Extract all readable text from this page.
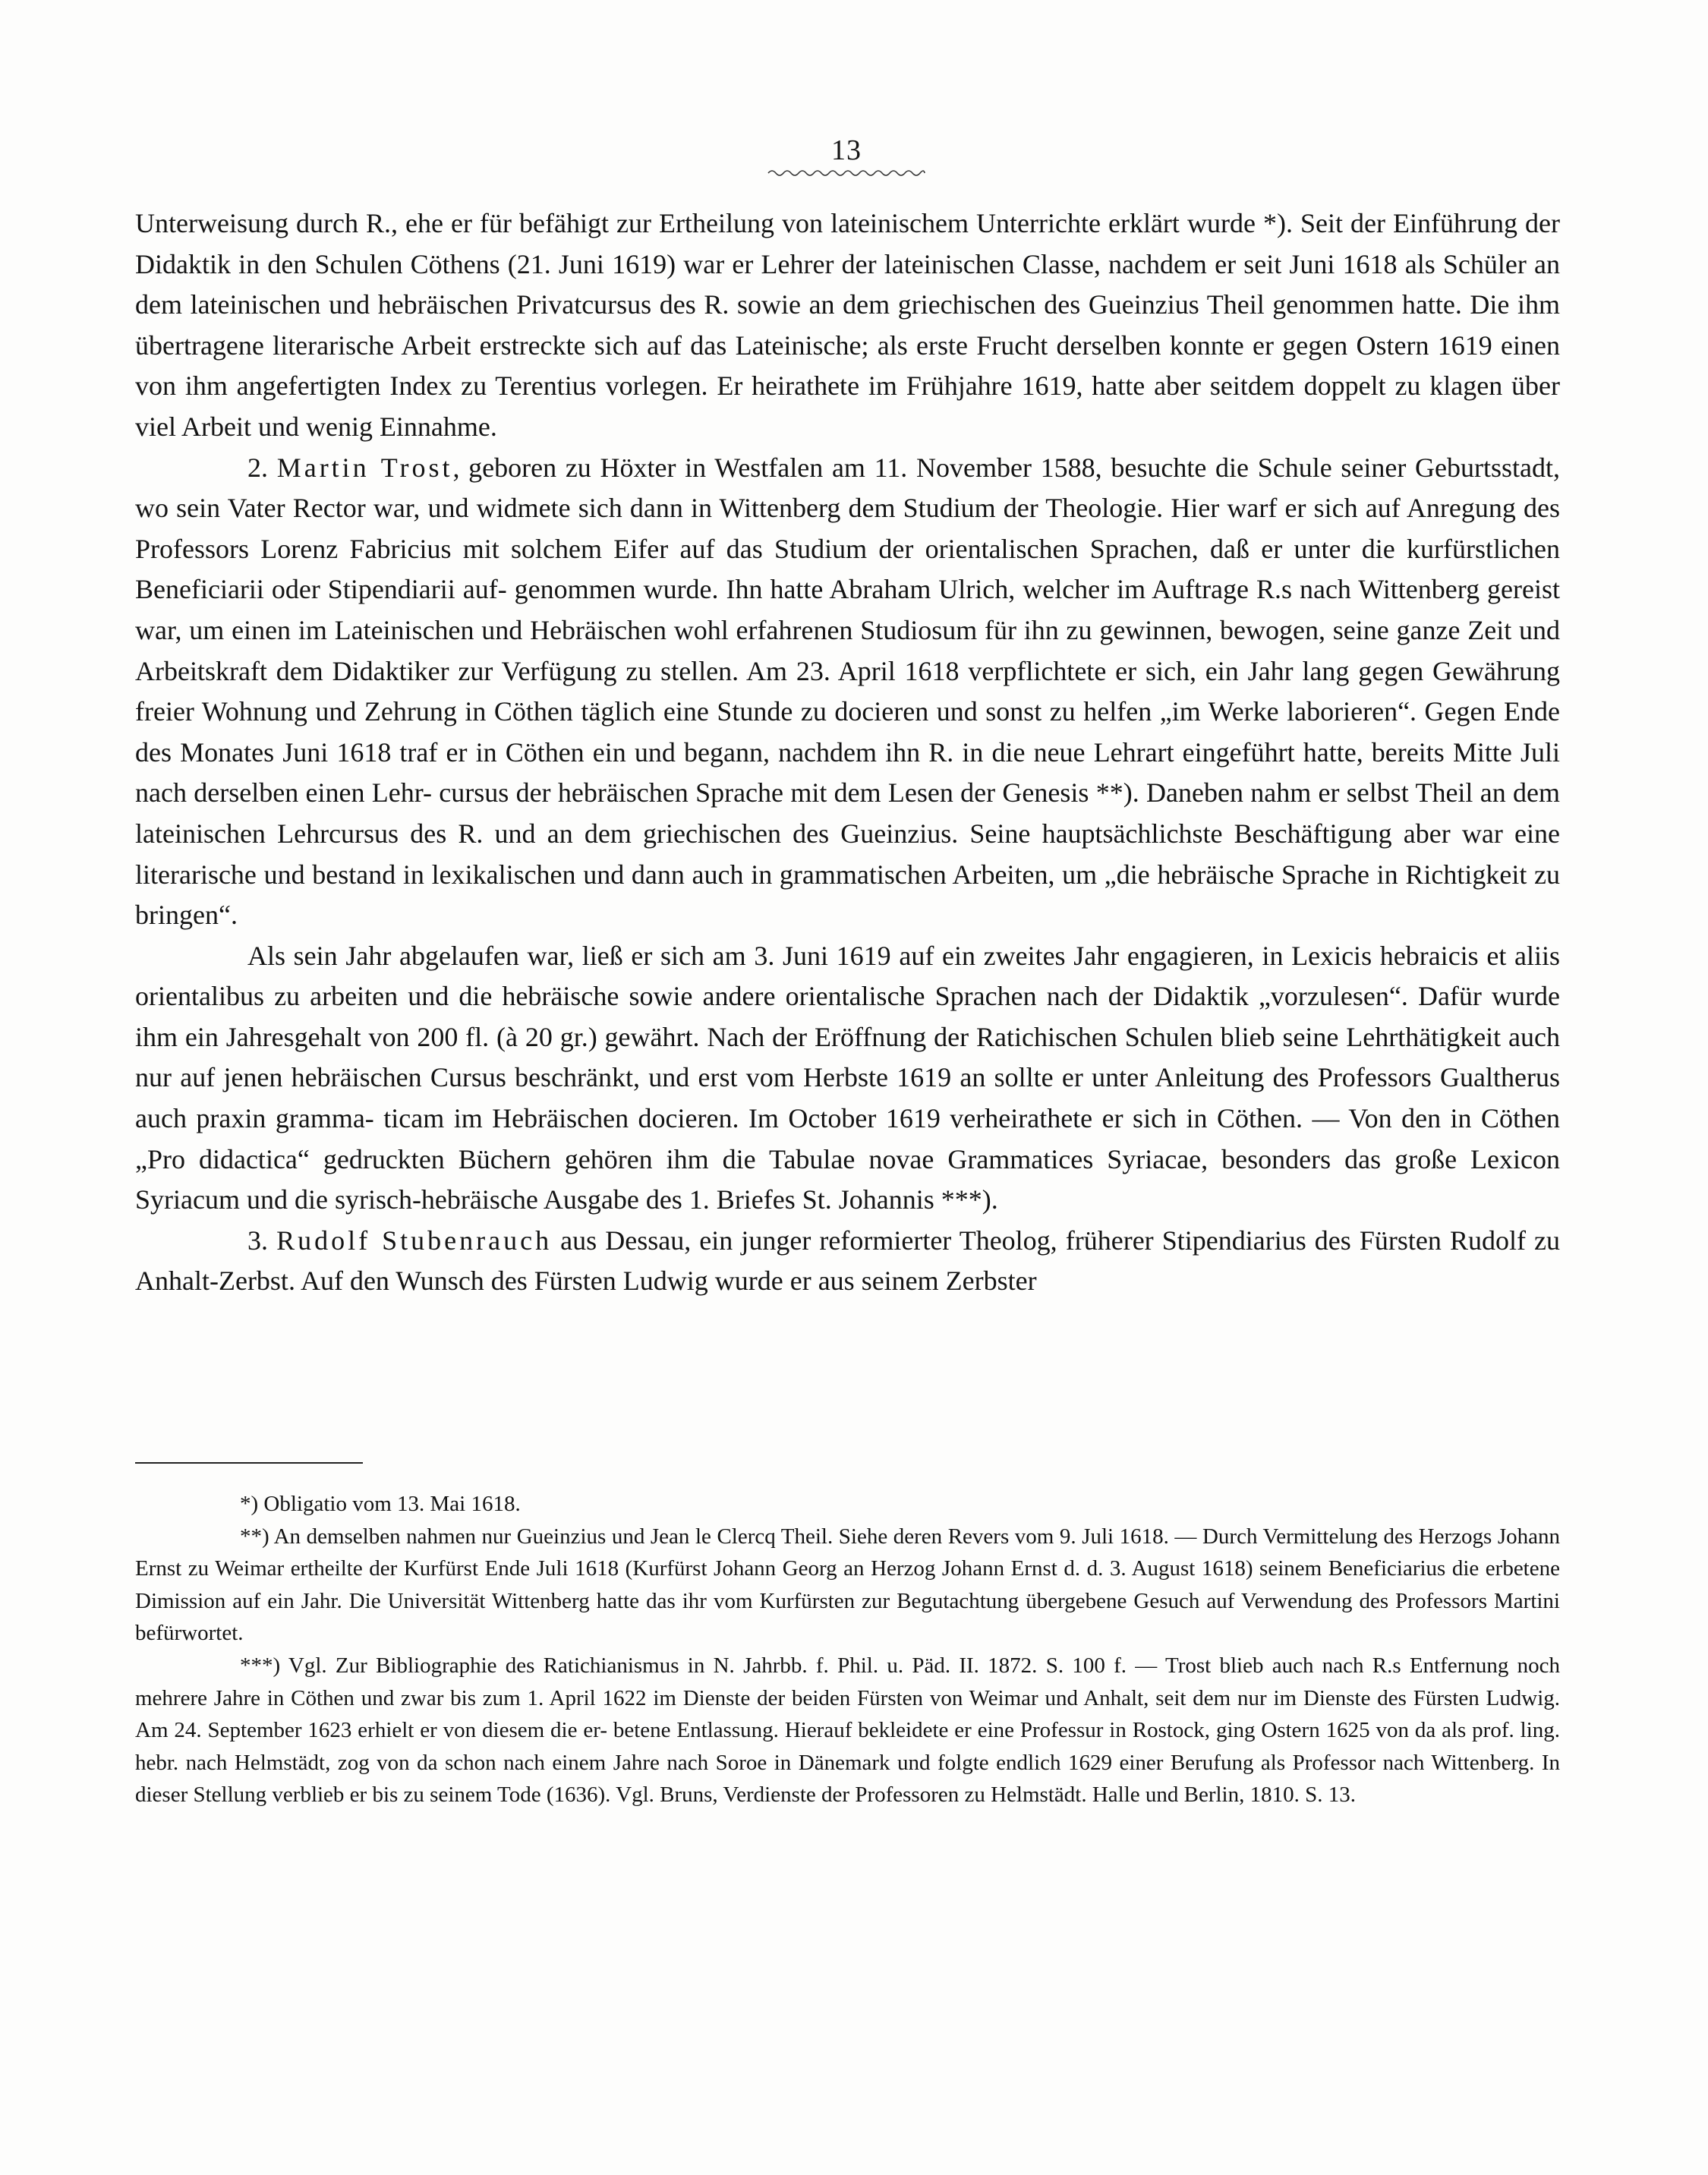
13

Unterweisung durch R., ehe er für befähigt zur Ertheilung von lateinischem Unterrichte erklärt wurde *). Seit der Einführung der Didaktik in den Schulen Cöthens (21. Juni 1619) war er Lehrer der lateinischen Classe, nachdem er seit Juni 1618 als Schüler an dem lateinischen und hebräischen Privatcursus des R. sowie an dem griechischen des Gueinzius Theil genommen hatte. Die ihm übertragene literarische Arbeit erstreckte sich auf das Lateinische; als erste Frucht derselben konnte er gegen Ostern 1619 einen von ihm angefertigten Index zu Terentius vorlegen. Er heirathete im Frühjahre 1619, hatte aber seitdem doppelt zu klagen über viel Arbeit und wenig Einnahme.

2. Martin Trost, geboren zu Höxter in Westfalen am 11. November 1588, besuchte die Schule seiner Geburtsstadt, wo sein Vater Rector war, und widmete sich dann in Wittenberg dem Studium der Theologie. Hier warf er sich auf Anregung des Professors Lorenz Fabricius mit solchem Eifer auf das Studium der orientalischen Sprachen, daß er unter die kurfürstlichen Beneficiarii oder Stipendiarii auf- genommen wurde. Ihn hatte Abraham Ulrich, welcher im Auftrage R.s nach Wittenberg gereist war, um einen im Lateinischen und Hebräischen wohl erfahrenen Studiosum für ihn zu gewinnen, bewogen, seine ganze Zeit und Arbeitskraft dem Didaktiker zur Verfügung zu stellen. Am 23. April 1618 verpflichtete er sich, ein Jahr lang gegen Gewährung freier Wohnung und Zehrung in Cöthen täglich eine Stunde zu docieren und sonst zu helfen „im Werke laborieren“. Gegen Ende des Monates Juni 1618 traf er in Cöthen ein und begann, nachdem ihn R. in die neue Lehrart eingeführt hatte, bereits Mitte Juli nach derselben einen Lehr- cursus der hebräischen Sprache mit dem Lesen der Genesis **). Daneben nahm er selbst Theil an dem lateinischen Lehrcursus des R. und an dem griechischen des Gueinzius. Seine hauptsächlichste Beschäftigung aber war eine literarische und bestand in lexikalischen und dann auch in grammatischen Arbeiten, um „die hebräische Sprache in Richtigkeit zu bringen“.

Als sein Jahr abgelaufen war, ließ er sich am 3. Juni 1619 auf ein zweites Jahr engagieren, in Lexicis hebraicis et aliis orientalibus zu arbeiten und die hebräische sowie andere orientalische Sprachen nach der Didaktik „vorzulesen“. Dafür wurde ihm ein Jahresgehalt von 200 fl. (à 20 gr.) gewährt. Nach der Eröffnung der Ratichischen Schulen blieb seine Lehrthätigkeit auch nur auf jenen hebräischen Cursus beschränkt, und erst vom Herbste 1619 an sollte er unter Anleitung des Professors Gualtherus auch praxin gramma- ticam im Hebräischen docieren. Im October 1619 verheirathete er sich in Cöthen. — Von den in Cöthen „Pro didactica“ gedruckten Büchern gehören ihm die Tabulae novae Grammatices Syriacae, besonders das große Lexicon Syriacum und die syrisch-hebräische Ausgabe des 1. Briefes St. Johannis ***).

3. Rudolf Stubenrauch aus Dessau, ein junger reformierter Theolog, früherer Stipendiarius des Fürsten Rudolf zu Anhalt-Zerbst. Auf den Wunsch des Fürsten Ludwig wurde er aus seinem Zerbster

*) Obligatio vom 13. Mai 1618.

**) An demselben nahmen nur Gueinzius und Jean le Clercq Theil. Siehe deren Revers vom 9. Juli 1618. — Durch Vermittelung des Herzogs Johann Ernst zu Weimar ertheilte der Kurfürst Ende Juli 1618 (Kurfürst Johann Georg an Herzog Johann Ernst d. d. 3. August 1618) seinem Beneficiarius die erbetene Dimission auf ein Jahr. Die Universität Wittenberg hatte das ihr vom Kurfürsten zur Begutachtung übergebene Gesuch auf Verwendung des Professors Martini befürwortet.

***) Vgl. Zur Bibliographie des Ratichianismus in N. Jahrbb. f. Phil. u. Päd. II. 1872. S. 100 f. — Trost blieb auch nach R.s Entfernung noch mehrere Jahre in Cöthen und zwar bis zum 1. April 1622 im Dienste der beiden Fürsten von Weimar und Anhalt, seit dem nur im Dienste des Fürsten Ludwig. Am 24. September 1623 erhielt er von diesem die er- betene Entlassung. Hierauf bekleidete er eine Professur in Rostock, ging Ostern 1625 von da als prof. ling. hebr. nach Helmstädt, zog von da schon nach einem Jahre nach Soroe in Dänemark und folgte endlich 1629 einer Berufung als Professor nach Wittenberg. In dieser Stellung verblieb er bis zu seinem Tode (1636). Vgl. Bruns, Verdienste der Professoren zu Helmstädt. Halle und Berlin, 1810. S. 13.
